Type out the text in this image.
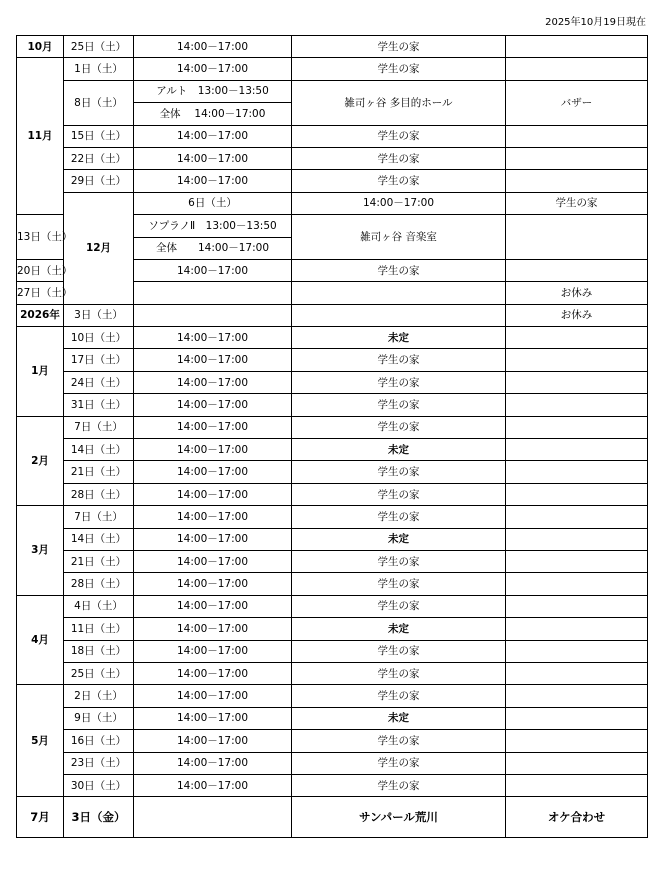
2025年10月19日現在
10月	25日（土）	14:00－17:00	学生の家		
11月	1日（土）	14:00－17:00	学生の家		
	8日（土）	アルト　13:00－13:50	雑司ヶ谷 多目的ホール	バザー	
		全体　 14:00－17:00			
	15日（土）	14:00－17:00	学生の家		
	22日（土）	14:00－17:00	学生の家		
	29日（土）	14:00－17:00	学生の家		
	12月	6日（土）	14:00－17:00	学生の家	
13日（土）		ソプラノⅡ　13:00－13:50	雑司ヶ谷 音楽室		
		全体　　14:00－17:00			
20日（土）		14:00－17:00	学生の家		
27日（土）				お休み	
2026年	3日（土）			お休み	
1月	10日（土）	14:00－17:00	未定		
	17日（土）	14:00－17:00	学生の家		
	24日（土）	14:00－17:00	学生の家		
	31日（土）	14:00－17:00	学生の家		
2月	7日（土）	14:00－17:00	学生の家		
	14日（土）	14:00－17:00	未定		
	21日（土）	14:00－17:00	学生の家		
	28日（土）	14:00－17:00	学生の家		
3月	7日（土）	14:00－17:00	学生の家		
	14日（土）	14:00－17:00	未定		
	21日（土）	14:00－17:00	学生の家		
	28日（土）	14:00－17:00	学生の家		
4月	4日（土）	14:00－17:00	学生の家		
	11日（土）	14:00－17:00	未定		
	18日（土）	14:00－17:00	学生の家		
	25日（土）	14:00－17:00	学生の家		
5月	2日（土）	14:00－17:00	学生の家		
	9日（土）	14:00－17:00	未定		
	16日（土）	14:00－17:00	学生の家		
	23日（土）	14:00－17:00	学生の家		
	30日（土）	14:00－17:00	学生の家		
7月	3日（金）		サンパール荒川	オケ合わせ	
